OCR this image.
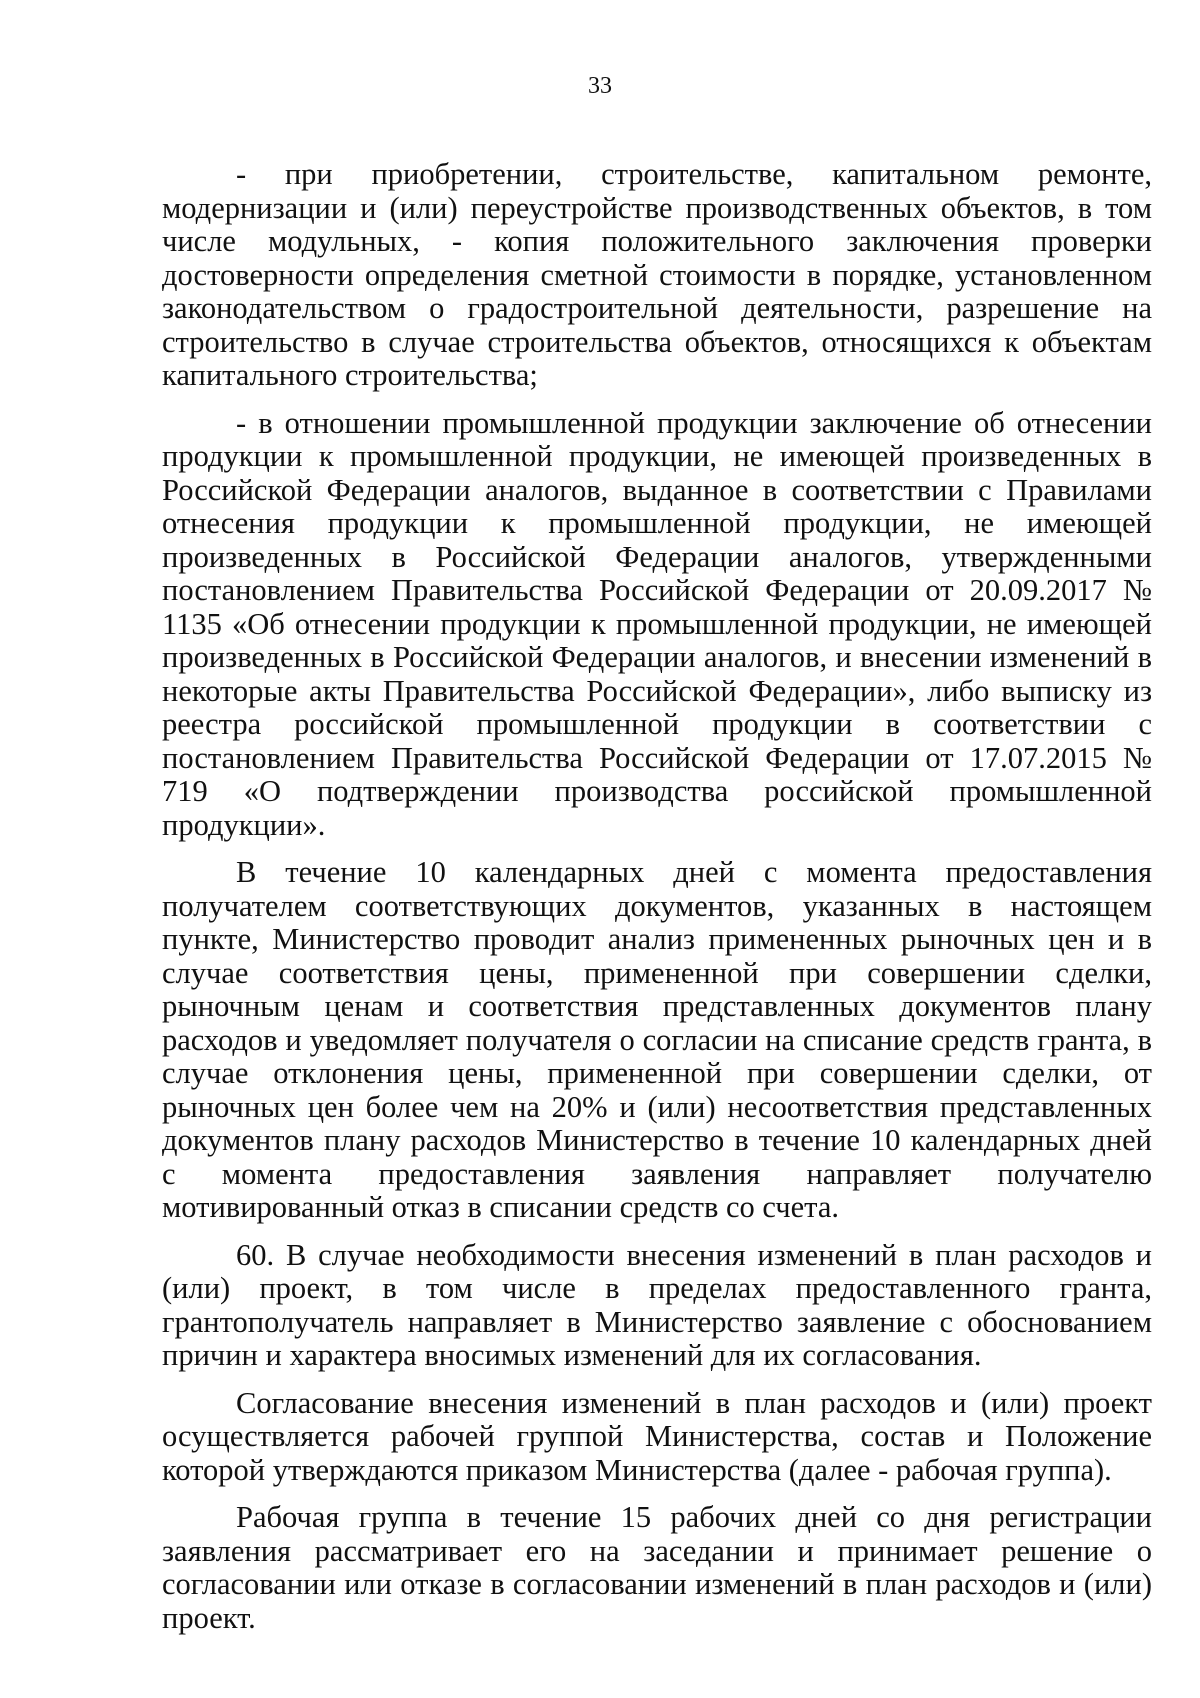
33

- при приобретении, строительстве, капитальном ремонте, модернизации и (или) переустройстве производственных объектов, в том числе модульных, - копия положительного заключения проверки достоверности определения сметной стоимости в порядке, установленном законодательством о градостроительной деятельности, разрешение на строительство в случае строительства объектов, относящихся к объектам капитального строительства;

- в отношении промышленной продукции заключение об отнесении продукции к промышленной продукции, не имеющей произведенных в Российской Федерации аналогов, выданное в соответствии с Правилами отнесения продукции к промышленной продукции, не имеющей произведенных в Российской Федерации аналогов, утвержденными постановлением Правительства Российской Федерации от 20.09.2017 № 1135 «Об отнесении продукции к промышленной продукции, не имеющей произведенных в Российской Федерации аналогов, и внесении изменений в некоторые акты Правительства Российской Федерации», либо выписку из реестра российской промышленной продукции в соответствии с постановлением Правительства Российской Федерации от 17.07.2015 № 719 «О подтверждении производства российской промышленной продукции».

В течение 10 календарных дней с момента предоставления получателем соответствующих документов, указанных в настоящем пункте, Министерство проводит анализ примененных рыночных цен и в случае соответствия цены, примененной при совершении сделки, рыночным ценам и соответствия представленных документов плану расходов и уведомляет получателя о согласии на списание средств гранта, в случае отклонения цены, примененной при совершении сделки, от рыночных цен более чем на 20% и (или) несоответствия представленных документов плану расходов Министерство в течение 10 календарных дней с момента предоставления заявления направляет получателю мотивированный отказ в списании средств со счета.

60. В случае необходимости внесения изменений в план расходов и (или) проект, в том числе в пределах предоставленного гранта, грантополучатель направляет в Министерство заявление с обоснованием причин и характера вносимых изменений для их согласования.

Согласование внесения изменений в план расходов и (или) проект осуществляется рабочей группой Министерства, состав и Положение которой утверждаются приказом Министерства (далее - рабочая группа).

Рабочая группа в течение 15 рабочих дней со дня регистрации заявления рассматривает его на заседании и принимает решение о согласовании или отказе в согласовании изменений в план расходов и (или) проект.
